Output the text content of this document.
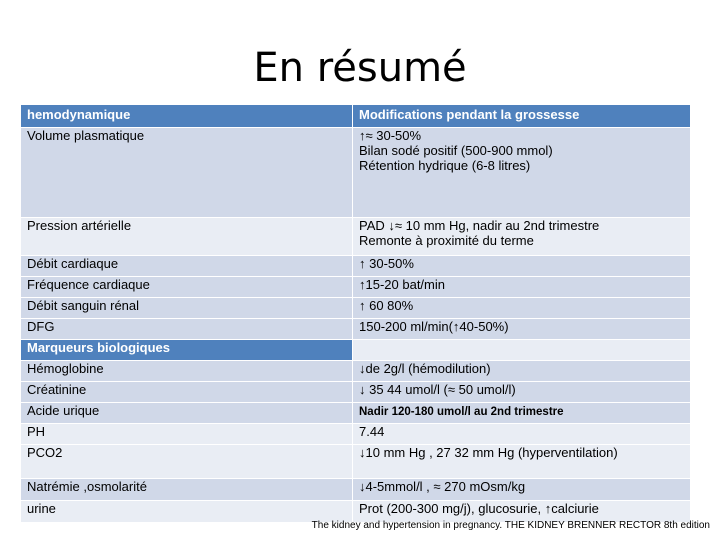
En résumé
hemodynamique	Modifications pendant la grossesse
Volume plasmatique	↑≈ 30-50%
Bilan sodé positif (500-900 mmol)
Rétention hydrique (6-8 litres)

Pression artérielle	PAD ↓≈ 10 mm Hg, nadir au 2nd trimestre
Remonte à proximité du terme

Débit cardiaque	↑ 30-50%
Fréquence cardiaque	↑15-20 bat/min
Débit sanguin rénal	↑ 60 80%
DFG	150-200 ml/min(↑40-50%)
Marqueurs biologiques	
Hémoglobine	↓de 2g/l (hémodilution)
Créatinine	↓ 35 44 umol/l (≈ 50 umol/l)
Acide urique	Nadir 120-180 umol/l au 2nd trimestre
PH	7.44
PCO2	↓10 mm Hg , 27 32 mm Hg (hyperventilation)
Natrémie ,osmolarité	↓4-5mmol/l , ≈ 270 mOsm/kg
urine	Prot (200-300 mg/j), glucosurie, ↑calciurie
The kidney and hypertension in pregnancy. THE KIDNEY BRENNER RECTOR 8th edition
